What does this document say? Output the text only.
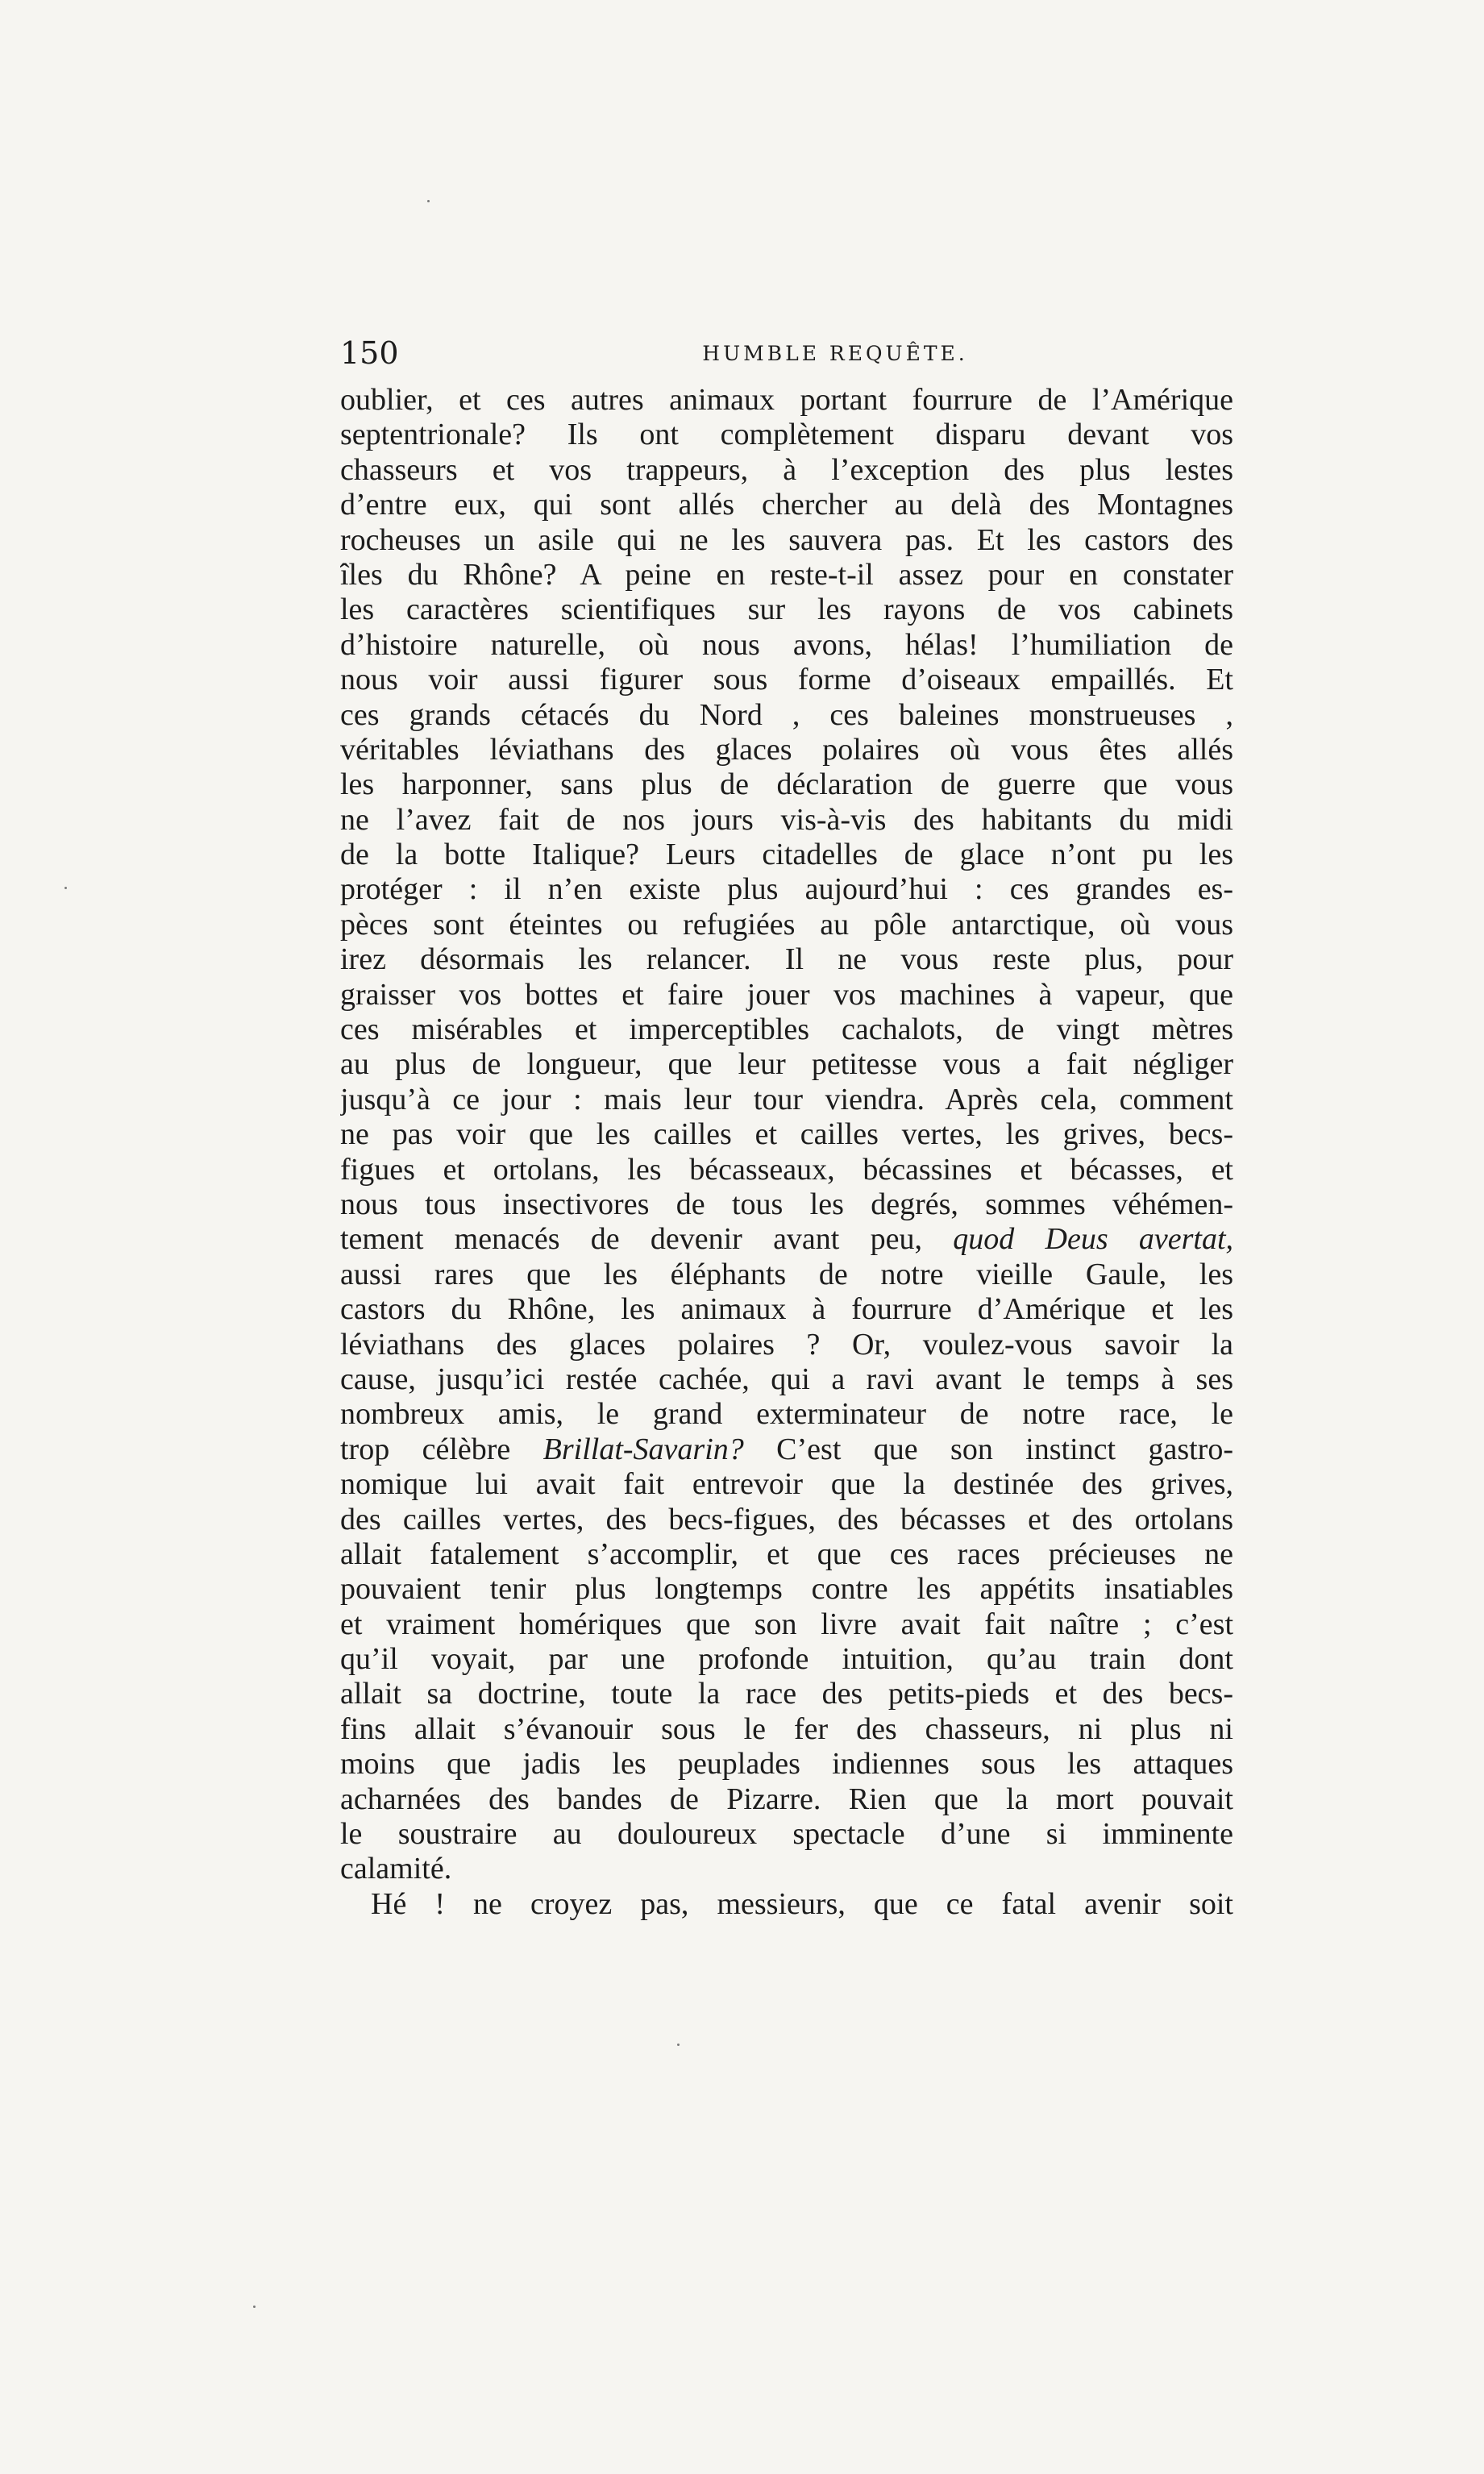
150	HUMBLE REQUÊTE.
oublier, et ces autres animaux portant fourrure de l’Amérique
septentrionale? Ils ont complètement disparu devant vos
chasseurs et vos trappeurs, à l’exception des plus lestes
d’entre eux, qui sont allés chercher au delà des Montagnes
rocheuses un asile qui ne les sauvera pas. Et les castors des
îles du Rhône? A peine en reste-t-il assez pour en constater
les caractères scientifiques sur les rayons de vos cabinets
d’histoire naturelle, où nous avons, hélas! l’humiliation de
nous voir aussi figurer sous forme d’oiseaux empaillés. Et
ces grands cétacés du Nord , ces baleines monstrueuses ,
véritables léviathans des glaces polaires où vous êtes allés
les harponner, sans plus de déclaration de guerre que vous
ne l’avez fait de nos jours vis-à-vis des habitants du midi
de la botte Italique? Leurs citadelles de glace n’ont pu les
protéger : il n’en existe plus aujourd’hui : ces grandes es-
pèces sont éteintes ou refugiées au pôle antarctique, où vous
irez désormais les relancer. Il ne vous reste plus, pour
graisser vos bottes et faire jouer vos machines à vapeur, que
ces misérables et imperceptibles cachalots, de vingt mètres
au plus de longueur, que leur petitesse vous a fait négliger
jusqu’à ce jour : mais leur tour viendra. Après cela, comment
ne pas voir que les cailles et cailles vertes, les grives, becs-
figues et ortolans, les bécasseaux, bécassines et bécasses, et
nous tous insectivores de tous les degrés, sommes véhémen-
tement menacés de devenir avant peu, quod Deus avertat,
aussi rares que les éléphants de notre vieille Gaule, les
castors du Rhône, les animaux à fourrure d’Amérique et les
léviathans des glaces polaires ? Or, voulez-vous savoir la
cause, jusqu’ici restée cachée, qui a ravi avant le temps à ses
nombreux amis, le grand exterminateur de notre race, le
trop célèbre Brillat-Savarin? C’est que son instinct gastro-
nomique lui avait fait entrevoir que la destinée des grives,
des cailles vertes, des becs-figues, des bécasses et des ortolans
allait fatalement s’accomplir, et que ces races précieuses ne
pouvaient tenir plus longtemps contre les appétits insatiables
et vraiment homériques que son livre avait fait naître ; c’est
qu’il voyait, par une profonde intuition, qu’au train dont
allait sa doctrine, toute la race des petits-pieds et des becs-
fins allait s’évanouir sous le fer des chasseurs, ni plus ni
moins que jadis les peuplades indiennes sous les attaques
acharnées des bandes de Pizarre. Rien que la mort pouvait
le soustraire au douloureux spectacle d’une si imminente
calamité.
Hé ! ne croyez pas, messieurs, que ce fatal avenir soit
